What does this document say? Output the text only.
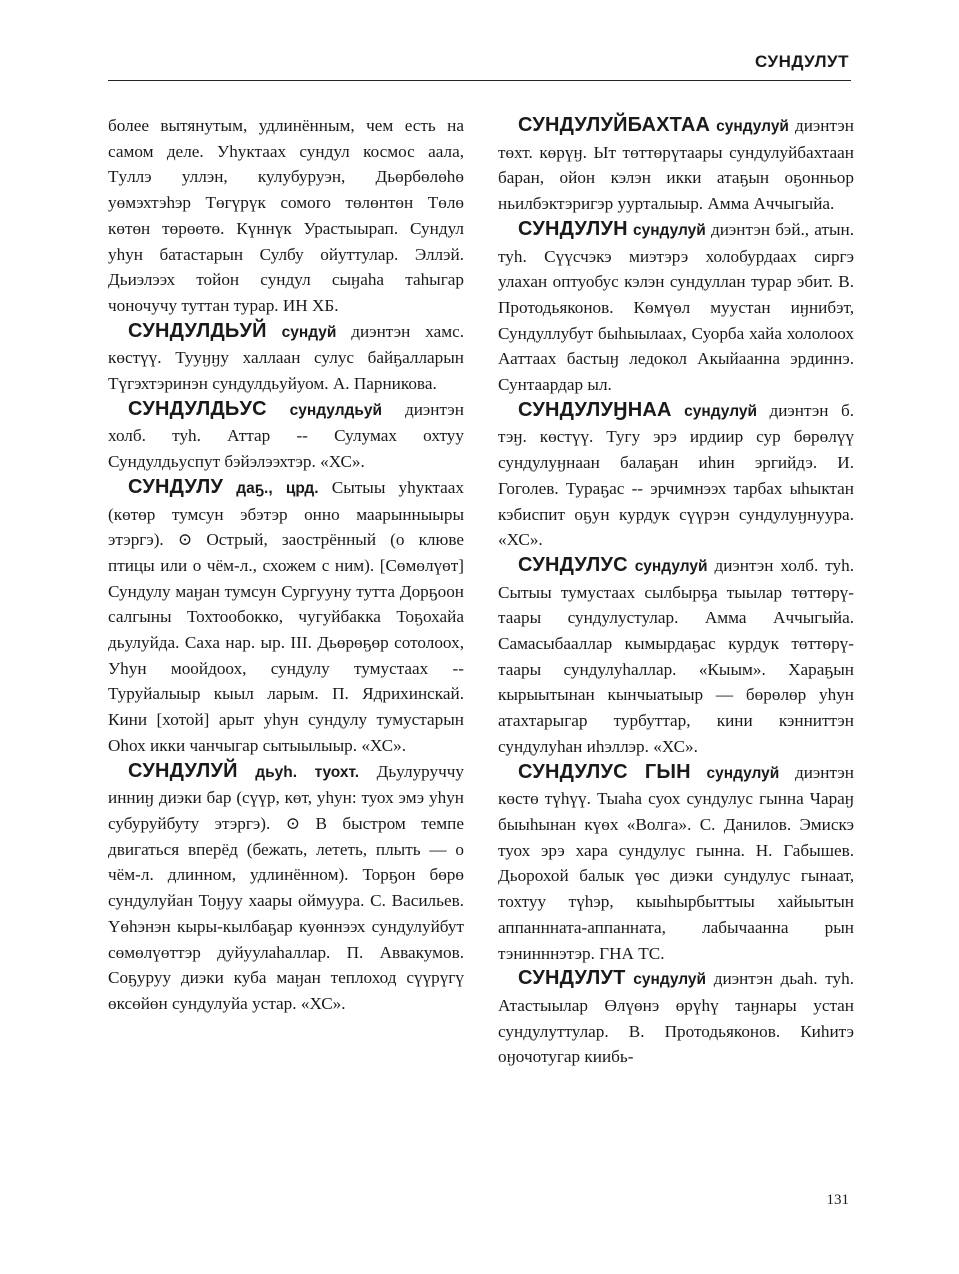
СУНДУЛУТ

более вытянутым, удлинённым, чем есть на самом деле. Уһуктаах сундул космос аала, Тyллэ уллэн, кулубуруэн, Дьөрбөлөһө уөмэхтэһэр Төгүрүк сомого төлөнтөн Төлө көтөн төрөөтө. Күннүк Урастыырап. Сундул уһун батастарын Сулбу ойуттулар. Эллэй. Дьиэлээх тойон сундул сыӈаһа таһыгар чоночучу туттан турар. ИН ХБ.

СУНДУЛДЬУЙ сундуй диэнтэн хамс. көстүү. Тууӈӈу халлаан сулус байҕалларын Түгэхтэринэн сундулдьуйуом. А. Парникова.

СУНДУЛДЬУС сундулдьуй диэнтэн холб. туһ. Аттар -- Сулумах охтуу Сундулдьуспут бэйэлээхтэр. «ХС».

СУНДУЛУ даҕ., црд. Сытыы уһуктаах (көтөр тумсун эбэтэр онно маарынныыры этэргэ). ⊙ Острый, заострённый (о клюве птицы или о чём-л., схожем с ним). [Сөмөлүөт] Сундулу маӈан тумсун Сургууну тутта Дорҕоон салгыны Тохтообокко, чугуйбакка Тоҕохайа дьулуйда. Саха нар. ыр. III. Дьөрөҕөр сотолоох, Уһун моойдоох, сундулу тумустаах -- Туруйалыыр кыыл ларым. П. Ядрихинскай. Кини [хотой] арыт уһун сундулу тумустарын Оһох икки чанчыгар сытыылыыр. «ХС».

СУНДУЛУЙ дьуһ. туохт. Дьулуруччу инниӈ диэки бар (сүүр, көт, уһун: туох эмэ уһун субуруйбуту этэргэ). ⊙ В быстром темпе двигаться вперёд (бежать, лететь, плыть — о чём-л. длинном, удлинённом). Торҕон бөрө сундулуйан Тоӈуу хаары оймуура. С. Васильев. Үөһэнэн кыры-кылбаҕар куөннээх сундулуйбут сөмөлүөттэр дуйуулаһаллар. П. Аввакумов. Соҕуруу диэки куба маӈан теплоход сүүрүгү өксөйөн сундулуйа устар. «ХС».

СУНДУЛУЙБАХТАА сундулуй диэнтэн төхт. көрүӈ. Ыт төттөрүтаары сундулуйбахтаан баран, ойон кэлэн икки атаҕын оҕонньор ньилбэктэригэр уурталыыр. Амма Аччыгыйа.

СУНДУЛУН сундулуй диэнтэн бэй., атын. туһ. Сүүсчэкэ миэтэрэ холобурдаах сиргэ улахан оптуобус кэлэн сундуллан турар эбит. В. Протодьяконов. Көмүөл муустан иӈнибэт, Сундуллубут быһыылаах, Суорба хайа хололоох Ааттаах бастыӈ ледокол Акыйаанна эрдиннэ. Сунтаардар ыл.

СУНДУЛУӇНАА сундулуй диэнтэн б. тэӈ. көстүү. Тугу эрэ ирдиир сур бөрөлүү сундулуӈнаан балаҕан иһин эргийдэ. И. Гоголев. Тураҕас -- эрчимнээх тарбах ыһыктан кэбиспит оҕун курдук сүүрэн сундулуӈнуура. «ХС».

СУНДУЛУС сундулуй диэнтэн холб. туһ. Сытыы тумустаах сылбырҕа тыылар төттөрү-таары сундулустулар. Амма Аччыгыйа. Самасыбааллар кымырдаҕас курдук төттөрү-таары сундулуһаллар. «Кыым». Хараҕын кырыытынан кынчыатыыр — бөрөлөр уһун атахтарыгар турбуттар, кини кэнниттэн сундулуһан иһэллэр. «ХС».

СУНДУЛУС ГЫН сундулуй диэнтэн көстө түһүү. Тыаһа суох сундулус гынна Чараӈ быыһынан күөх «Волга». С. Данилов. Эмискэ туох эрэ хара сундулус гынна. Н. Габышев. Дьорохой балык үөс диэки сундулус гынаат, тохтуу түһэр, кыыһырбыттыы хайыытын аппаннната-аппанната, лабычаанна рын тэнинннэтэр. ГНА ТС.

СУНДУЛУТ сундулуй диэнтэн дьаһ. туһ. Атастыылар Өлүөнэ өрүһү таӈнары устан сундулуттулар. В. Протодьяконов. Киһитэ оӈочотугар киибь-

131
